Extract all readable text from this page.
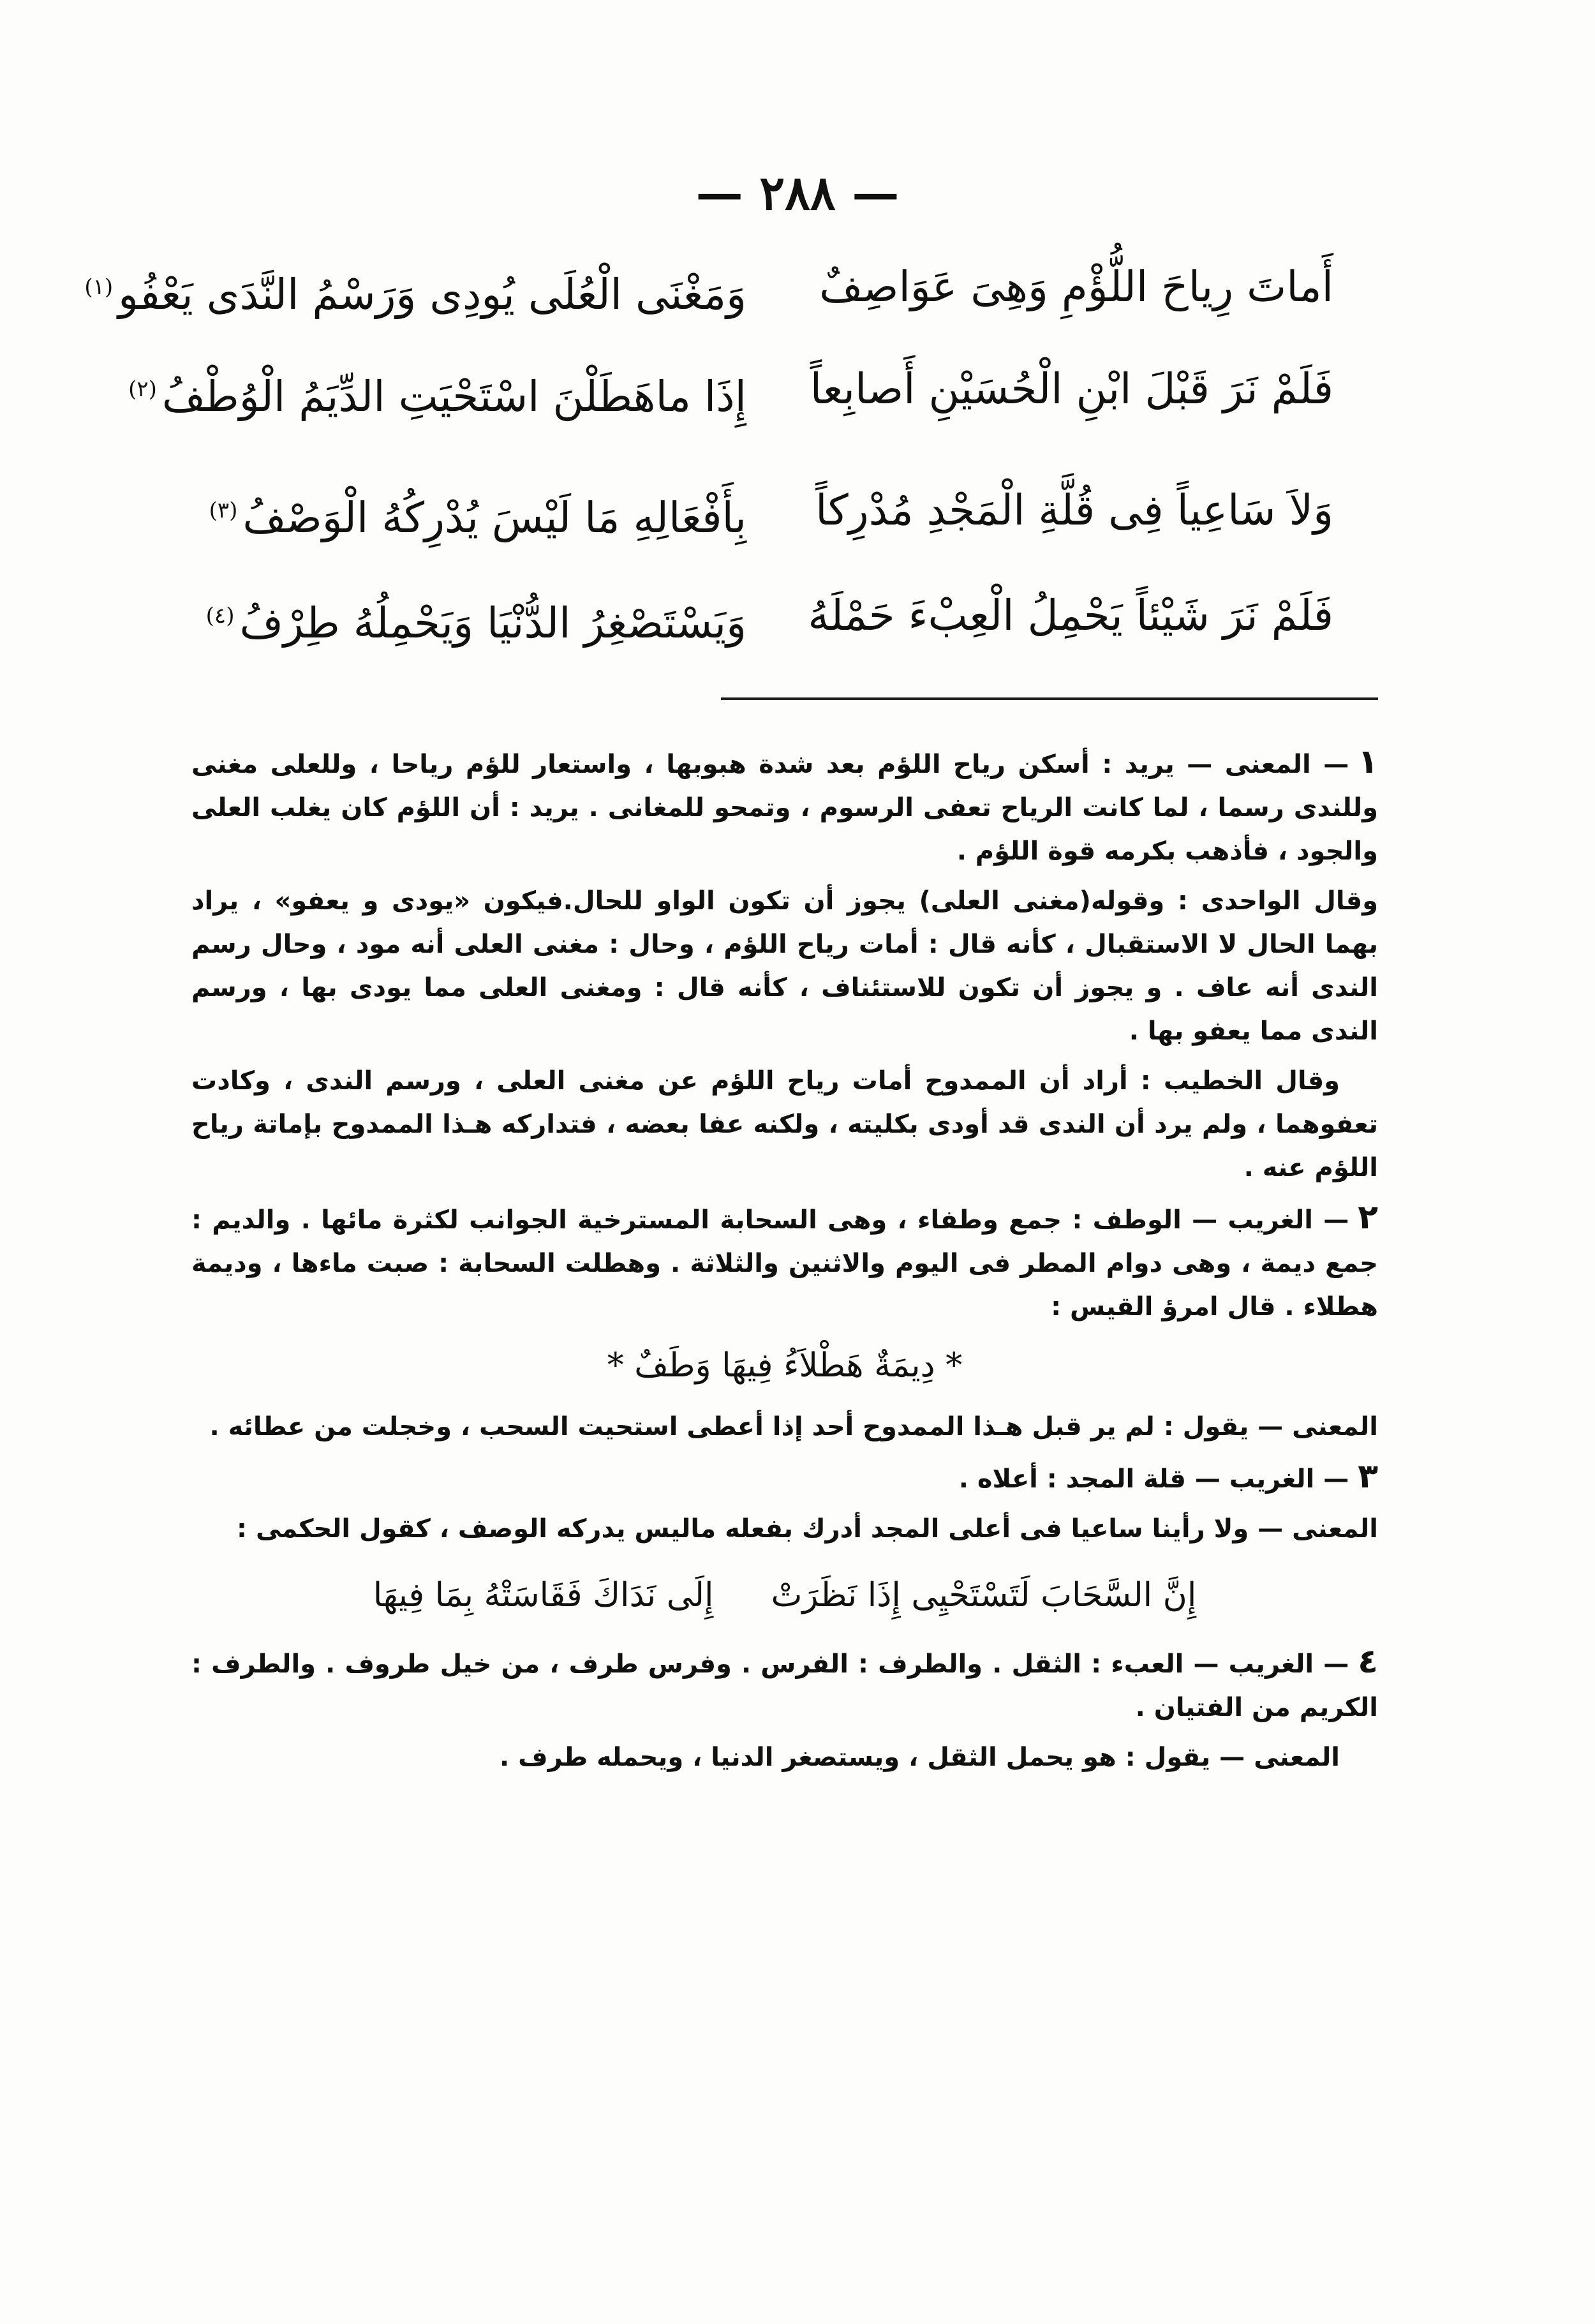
— ٢٨٨ —
أَماتَ رِياحَ اللُّؤْمِ وَهِىَ عَوَاصِفٌ
وَمَغْنَى الْعُلَى يُودِى وَرَسْمُ النَّدَى يَعْفُو$^{(١)}$
فَلَمْ نَرَ قَبْلَ ابْنِ الْحُسَيْنِ أَصابِعاً
إِذَا ماهَطَلْنَ اسْتَحْيَتِ الدِّيَمُ الْوُطْفُ$^{(٢)}$
وَلاَ سَاعِياً فِى قُلَّةِ الْمَجْدِ مُدْرِكاً
بِأَفْعَالِهِ مَا لَيْسَ يُدْرِكُهُ الْوَصْفُ$^{(٣)}$
فَلَمْ نَرَ شَيْئاً يَحْمِلُ الْعِبْءَ حَمْلَهُ
وَيَسْتَصْغِرُ الدُّنْيَا وَيَحْمِلُهُ طِرْفُ$^{(٤)}$

١— المعنى — يريد : أسكن رياح اللؤم بعد شدة هبوبها ، واستعار للؤم رياحا ، وللعلى مغنى وللندى رسما ، لما كانت الرياح تعفى الرسوم ، وتمحو للمغانى . يريد : أن اللؤم كان يغلب العلى والجود ، فأذهب بكرمه قوة اللؤم .

وقال الواحدى : وقوله(مغنى العلى) يجوز أن تكون الواو للحال.فيكون «يودى و يعفو» ، يراد بهما الحال لا الاستقبال ، كأنه قال : أمات رياح اللؤم ، وحال : مغنى العلى أنه مود ، وحال رسم الندى أنه عاف . و يجوز أن تكون للاستئناف ، كأنه قال : ومغنى العلى مما يودى بها ، ورسم الندى مما يعفو بها .

وقال الخطيب : أراد أن الممدوح أمات رياح اللؤم عن مغنى العلى ، ورسم الندى ، وكادت تعفوهما ، ولم يرد أن الندى قد أودى بكليته ، ولكنه عفا بعضه ، فتداركه هـذا الممدوح بإماتة رياح اللؤم عنه .

٢— الغريب — الوطف : جمع وطفاء ، وهى السحابة المسترخية الجوانب لكثرة مائها . والديم : جمع ديمة ، وهى دوام المطر فى اليوم والاثنين والثلاثة . وهطلت السحابة : صبت ماءها ، وديمة هطلاء . قال امرؤ القيس :

* دِيمَةٌ هَطْلاَءُ فِيهَا وَطَفٌ *

المعنى — يقول : لم ير قبل هـذا الممدوح أحد إذا أعطى استحيت السحب ، وخجلت من عطائه .

٣— الغريب — قلة المجد : أعلاه .

المعنى — ولا رأينا ساعيا فى أعلى المجد أدرك بفعله ماليس يدركه الوصف ، كقول الحكمى :

إِنَّ السَّحَابَ لَتَسْتَحْيِى إِذَا نَظَرَتْ
إِلَى نَدَاكَ فَقَاسَتْهُ بِمَا فِيهَا

٤— الغريب — العبء : الثقل . والطرف : الفرس . وفرس طرف ، من خيل طروف . والطرف : الكريم من الفتيان .

المعنى — يقول : هو يحمل الثقل ، ويستصغر الدنيا ، ويحمله طرف .
